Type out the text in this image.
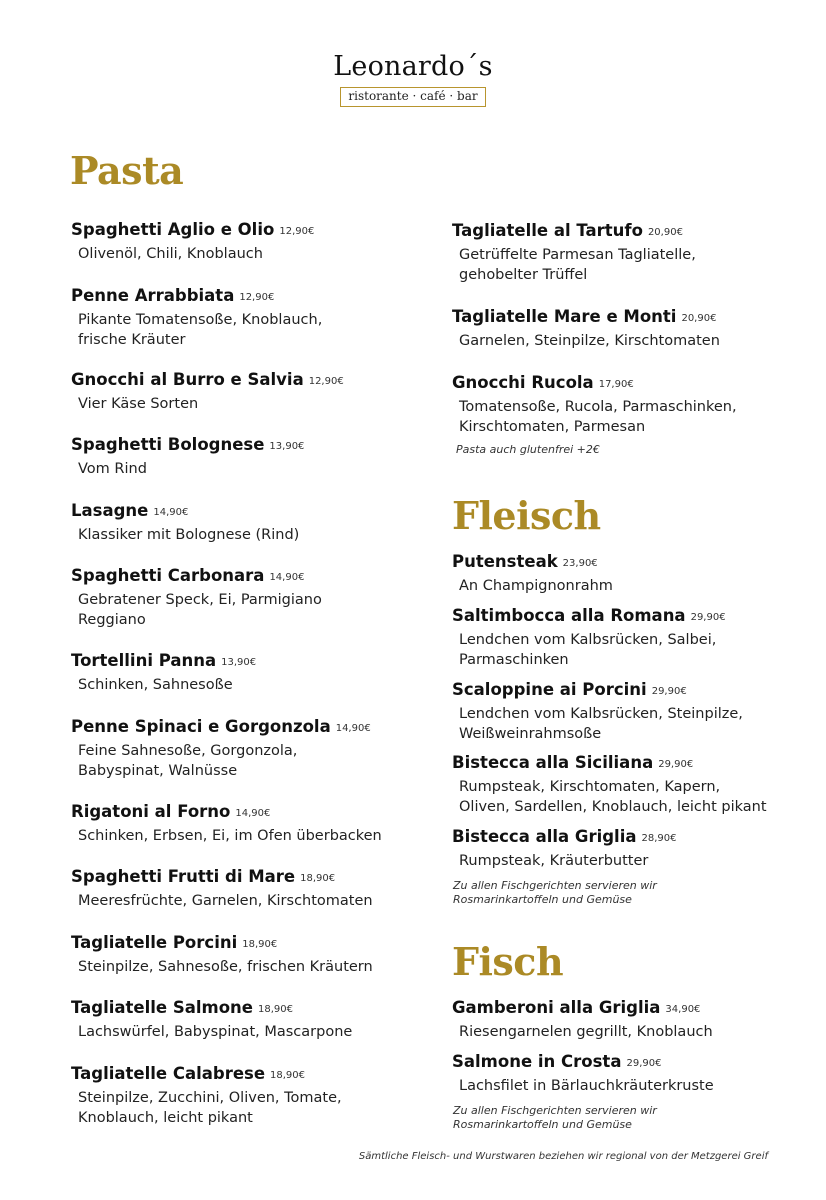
Leonardo´s
ristorante · café · bar
Pasta
Spaghetti Aglio e Olio 12,90€
Olivenöl, Chili, Knoblauch
Penne Arrabbiata 12,90€
Pikante Tomatensoße, Knoblauch,
frische Kräuter
Gnocchi al Burro e Salvia 12,90€
Vier Käse Sorten
Spaghetti Bolognese 13,90€
Vom Rind
Lasagne 14,90€
Klassiker mit Bolognese (Rind)
Spaghetti Carbonara 14,90€
Gebratener Speck, Ei, Parmigiano
Reggiano
Tortellini Panna 13,90€
Schinken, Sahnesoße
Penne Spinaci e Gorgonzola 14,90€
Feine Sahnesoße, Gorgonzola,
Babyspinat, Walnüsse
Rigatoni al Forno 14,90€
Schinken, Erbsen, Ei, im Ofen überbacken
Spaghetti Frutti di Mare 18,90€
Meeresfrüchte, Garnelen, Kirschtomaten
Tagliatelle Porcini 18,90€
Steinpilze, Sahnesoße, frischen Kräutern
Tagliatelle Salmone 18,90€
Lachswürfel, Babyspinat, Mascarpone
Tagliatelle Calabrese 18,90€
Steinpilze, Zucchini, Oliven, Tomate,
Knoblauch, leicht pikant
Tagliatelle al Tartufo 20,90€
Getrüffelte Parmesan Tagliatelle,
gehobelter Trüffel
Tagliatelle Mare e Monti 20,90€
Garnelen, Steinpilze, Kirschtomaten
Gnocchi Rucola 17,90€
Tomatensoße, Rucola, Parmaschinken,
Kirschtomaten, Parmesan
Pasta auch glutenfrei +2€
Fleisch
Putensteak 23,90€
An Champignonrahm
Saltimbocca alla Romana 29,90€
Lendchen vom Kalbsrücken, Salbei,
Parmaschinken
Scaloppine ai Porcini 29,90€
Lendchen vom Kalbsrücken, Steinpilze,
Weißweinrahmsoße
Bistecca alla Siciliana 29,90€
Rumpsteak, Kirschtomaten, Kapern,
Oliven, Sardellen, Knoblauch, leicht pikant
Bistecca alla Griglia 28,90€
Rumpsteak, Kräuterbutter
Zu allen Fischgerichten servieren wir
Rosmarinkartoffeln und Gemüse
Fisch
Gamberoni alla Griglia 34,90€
Riesengarnelen gegrillt, Knoblauch
Salmone in Crosta 29,90€
Lachsfilet in Bärlauchkräuterkruste
Zu allen Fischgerichten servieren wir
Rosmarinkartoffeln und Gemüse
Sämtliche Fleisch- und Wurstwaren beziehen wir regional von der Metzgerei Greif
